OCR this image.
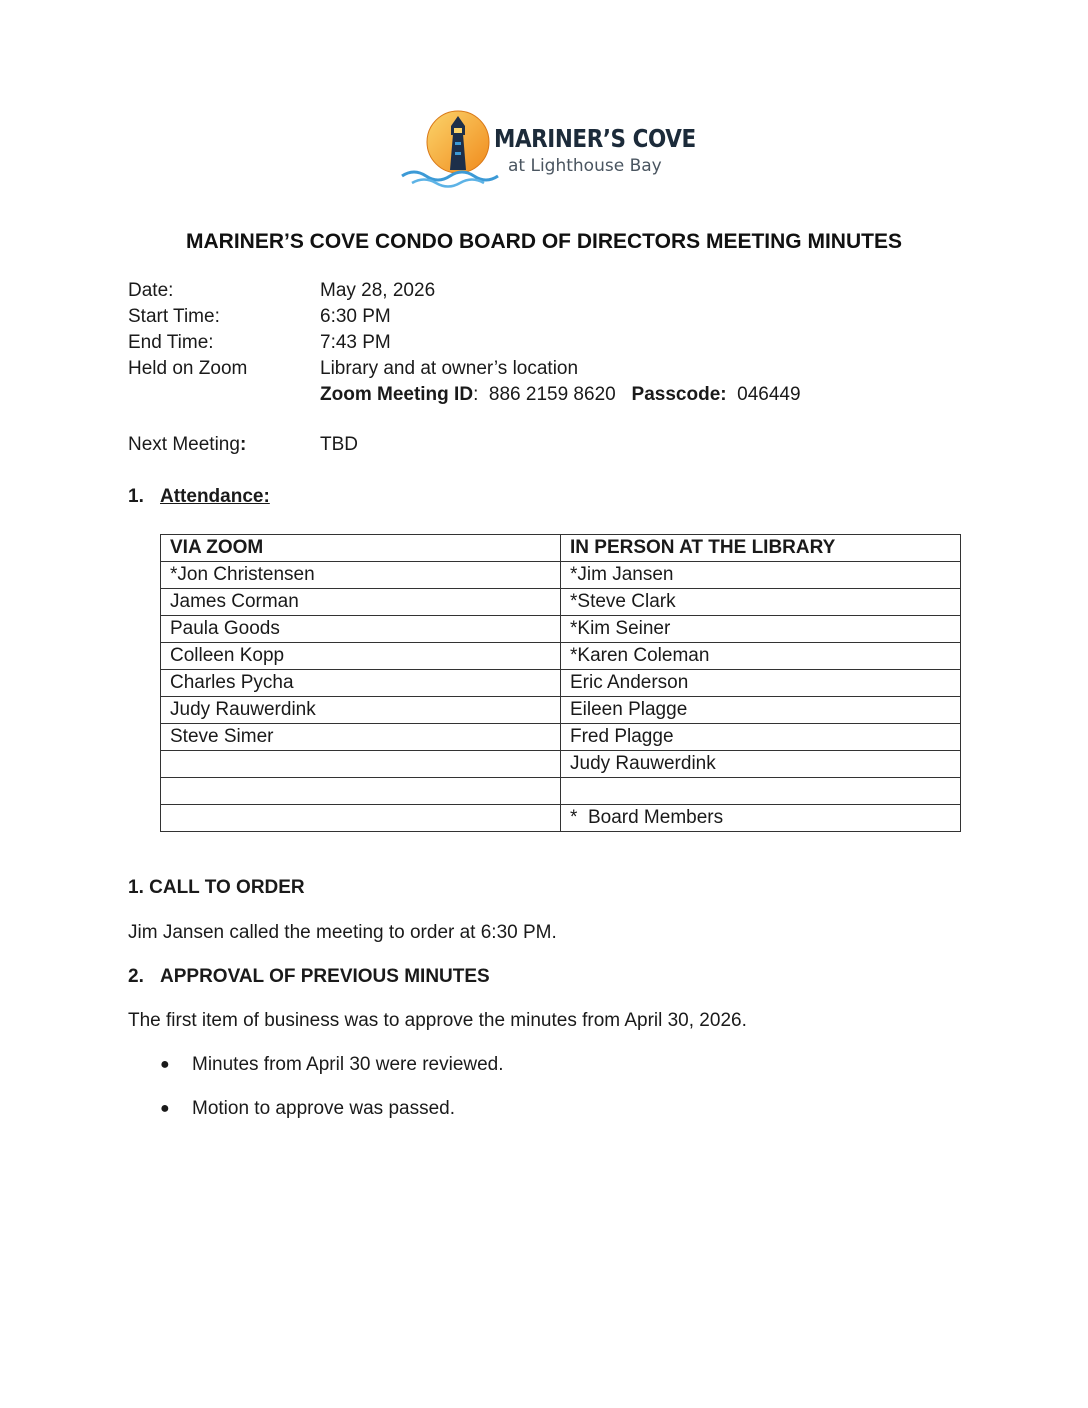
MARINER’S COVE
at Lighthouse Bay
MARINER’S COVE CONDO BOARD OF DIRECTORS MEETING MINUTES
Date:	May 28, 2026
Start Time:	6:30 PM
End Time:	7:43 PM
Held on Zoom	Library and at owner’s location
Zoom Meeting ID:  886 2159 8620 Passcode: 046449
Next Meeting:	TBD
1. Attendance:
VIA ZOOM	IN PERSON AT THE LIBRARY
*Jon Christensen	*Jim Jansen
James Corman	*Steve Clark
Paula Goods	*Kim Seiner
Colleen Kopp	*Karen Coleman
Charles Pycha	Eric Anderson
Judy Rauwerdink	Eileen Plagge
Steve Simer	Fred Plagge
	Judy Rauwerdink

	*  Board Members
1. CALL TO ORDER
Jim Jansen called the meeting to order at 6:30 PM.
2. APPROVAL OF PREVIOUS MINUTES
The first item of business was to approve the minutes from April 30, 2026.
●	Minutes from April 30 were reviewed.
●	Motion to approve was passed.
